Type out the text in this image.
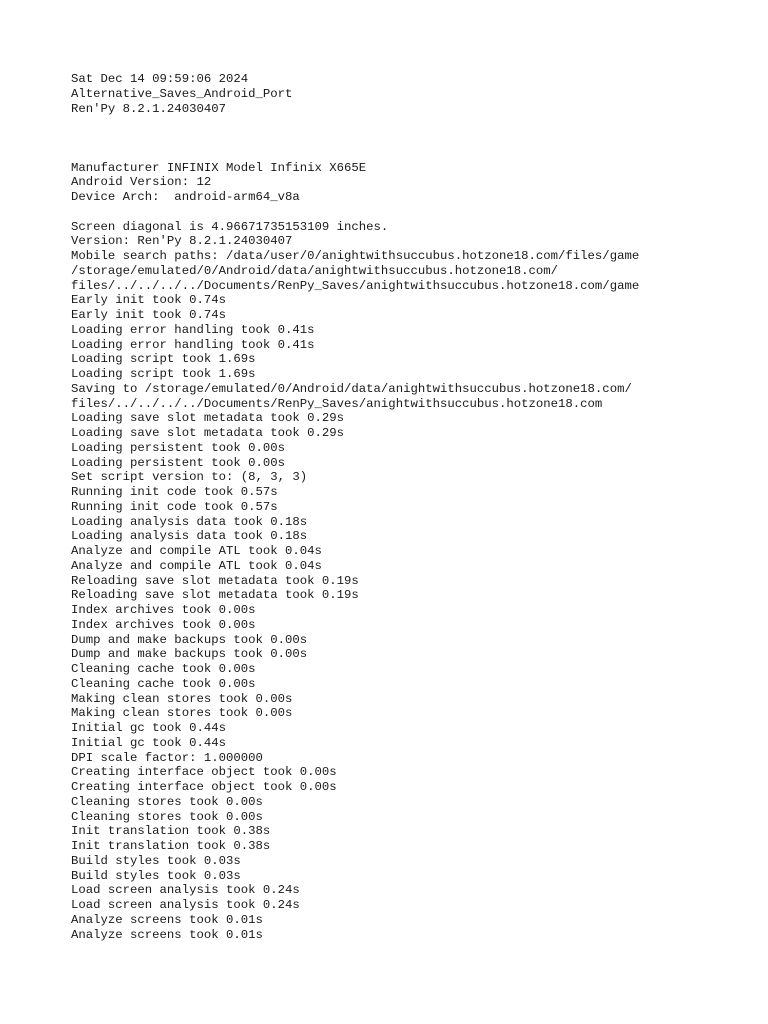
Sat Dec 14 09:59:06 2024
Alternative_Saves_Android_Port
Ren'Py 8.2.1.24030407
Manufacturer INFINIX Model Infinix X665E
Android Version: 12
Device Arch:  android-arm64_v8a
Screen diagonal is 4.96671735153109 inches.
Version: Ren'Py 8.2.1.24030407
Mobile search paths: /data/user/0/anightwithsuccubus.hotzone18.com/files/game
/storage/emulated/0/Android/data/anightwithsuccubus.hotzone18.com/
files/../../../../Documents/RenPy_Saves/anightwithsuccubus.hotzone18.com/game
Early init took 0.74s
Early init took 0.74s
Loading error handling took 0.41s
Loading error handling took 0.41s
Loading script took 1.69s
Loading script took 1.69s
Saving to /storage/emulated/0/Android/data/anightwithsuccubus.hotzone18.com/
files/../../../../Documents/RenPy_Saves/anightwithsuccubus.hotzone18.com
Loading save slot metadata took 0.29s
Loading save slot metadata took 0.29s
Loading persistent took 0.00s
Loading persistent took 0.00s
Set script version to: (8, 3, 3)
Running init code took 0.57s
Running init code took 0.57s
Loading analysis data took 0.18s
Loading analysis data took 0.18s
Analyze and compile ATL took 0.04s
Analyze and compile ATL took 0.04s
Reloading save slot metadata took 0.19s
Reloading save slot metadata took 0.19s
Index archives took 0.00s
Index archives took 0.00s
Dump and make backups took 0.00s
Dump and make backups took 0.00s
Cleaning cache took 0.00s
Cleaning cache took 0.00s
Making clean stores took 0.00s
Making clean stores took 0.00s
Initial gc took 0.44s
Initial gc took 0.44s
DPI scale factor: 1.000000
Creating interface object took 0.00s
Creating interface object took 0.00s
Cleaning stores took 0.00s
Cleaning stores took 0.00s
Init translation took 0.38s
Init translation took 0.38s
Build styles took 0.03s
Build styles took 0.03s
Load screen analysis took 0.24s
Load screen analysis took 0.24s
Analyze screens took 0.01s
Analyze screens took 0.01s
